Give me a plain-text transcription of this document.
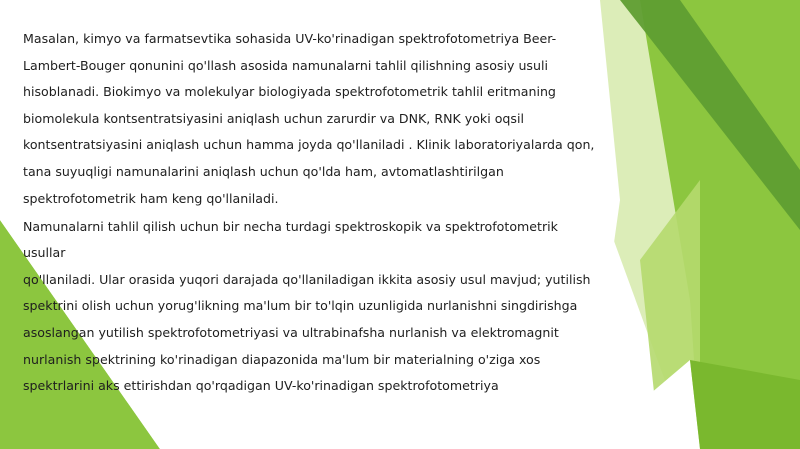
Masalan, kimyo va farmatsevtika sohasida UV-ko'rinadigan spektrofotometriya Beer-
Lambert-Bouger qonunini qo'llash asosida namunalarni tahlil qilishning asosiy usuli
hisoblanadi. Biokimyo va molekulyar biologiyada spektrofotometrik tahlil eritmaning
biomolekula kontsentratsiyasini aniqlash uchun zarurdir va DNK, RNK yoki oqsil
kontsentratsiyasini aniqlash uchun hamma joyda qo'llaniladi . Klinik laboratoriyalarda qon,
tana suyuqligi namunalarini aniqlash uchun qo'lda ham, avtomatlashtirilgan
spektrofotometrik ham keng qo'llaniladi.

Namunalarni tahlil qilish uchun bir necha turdagi spektroskopik va spektrofotometrik usullar
qo'llaniladi. Ular orasida yuqori darajada qo'llaniladigan ikkita asosiy usul mavjud; yutilish
spektrini olish uchun yorug'likning ma'lum bir to'lqin uzunligida nurlanishni singdirishga
asoslangan yutilish spektrofotometriyasi va ultrabinafsha nurlanish va elektromagnit
nurlanish spektrining ko'rinadigan diapazonida ma'lum bir materialning o'ziga xos
spektrlarini aks ettirishdan qo'rqadigan UV-ko'rinadigan spektrofotometriya
